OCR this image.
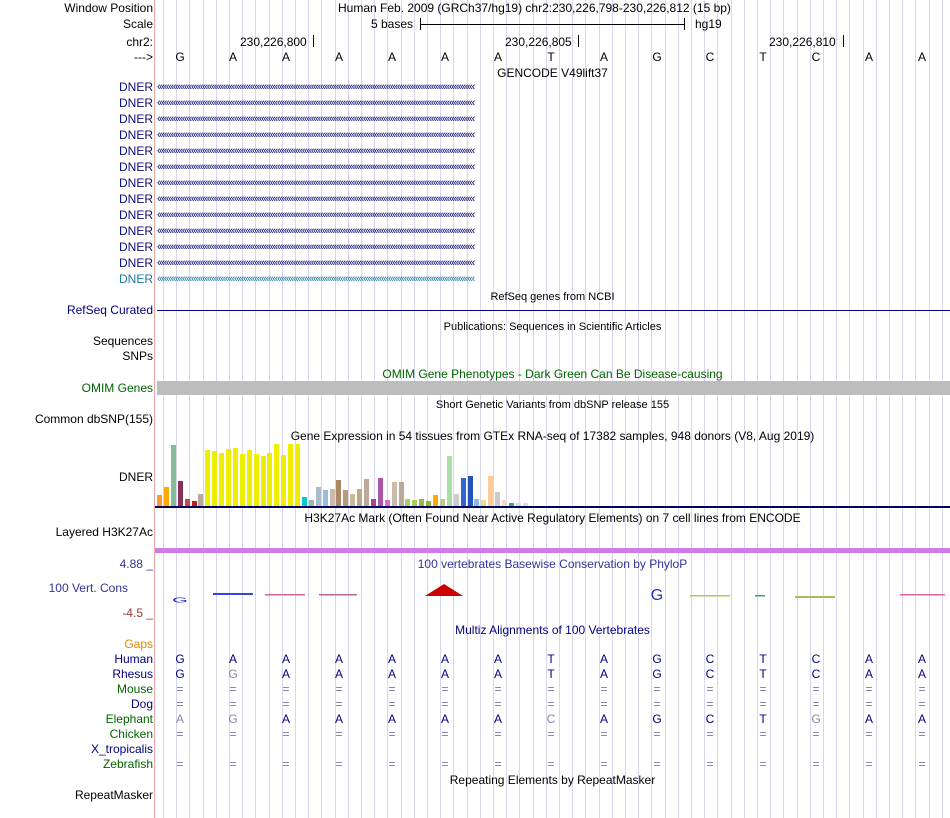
Window Position	Human Feb. 2009 (GRCh37/hg19) chr2:230,226,798-230,226,812 (15 bp)
Scale	5 bases	hg19
chr2:	230,226,800	230,226,805	230,226,810
--->	G	A	A	A	A	A	A	T	A	G	C	T	C	A	A
GENCODE V49lift37
DNER ‹‹‹‹‹‹‹‹‹‹‹‹‹‹‹‹‹‹‹‹‹‹‹‹‹‹‹‹‹‹‹‹‹‹‹‹‹‹‹‹‹‹‹‹‹‹‹‹‹‹‹‹‹‹‹‹‹‹‹‹‹‹‹‹‹‹‹‹‹‹‹‹‹‹‹‹‹‹‹‹‹‹‹‹‹‹‹‹‹‹‹‹‹‹‹‹‹‹‹‹‹‹‹‹‹‹‹‹‹‹‹‹‹‹‹‹‹‹‹‹‹‹‹‹‹‹‹‹‹‹‹‹‹‹‹‹‹‹‹‹
DNER ‹‹‹‹‹‹‹‹‹‹‹‹‹‹‹‹‹‹‹‹‹‹‹‹‹‹‹‹‹‹‹‹‹‹‹‹‹‹‹‹‹‹‹‹‹‹‹‹‹‹‹‹‹‹‹‹‹‹‹‹‹‹‹‹‹‹‹‹‹‹‹‹‹‹‹‹‹‹‹‹‹‹‹‹‹‹‹‹‹‹‹‹‹‹‹‹‹‹‹‹‹‹‹‹‹‹‹‹‹‹‹‹‹‹‹‹‹‹‹‹‹‹‹‹‹‹‹‹‹‹‹‹‹‹‹‹‹‹‹‹
DNER ‹‹‹‹‹‹‹‹‹‹‹‹‹‹‹‹‹‹‹‹‹‹‹‹‹‹‹‹‹‹‹‹‹‹‹‹‹‹‹‹‹‹‹‹‹‹‹‹‹‹‹‹‹‹‹‹‹‹‹‹‹‹‹‹‹‹‹‹‹‹‹‹‹‹‹‹‹‹‹‹‹‹‹‹‹‹‹‹‹‹‹‹‹‹‹‹‹‹‹‹‹‹‹‹‹‹‹‹‹‹‹‹‹‹‹‹‹‹‹‹‹‹‹‹‹‹‹‹‹‹‹‹‹‹‹‹‹‹‹‹
DNER ‹‹‹‹‹‹‹‹‹‹‹‹‹‹‹‹‹‹‹‹‹‹‹‹‹‹‹‹‹‹‹‹‹‹‹‹‹‹‹‹‹‹‹‹‹‹‹‹‹‹‹‹‹‹‹‹‹‹‹‹‹‹‹‹‹‹‹‹‹‹‹‹‹‹‹‹‹‹‹‹‹‹‹‹‹‹‹‹‹‹‹‹‹‹‹‹‹‹‹‹‹‹‹‹‹‹‹‹‹‹‹‹‹‹‹‹‹‹‹‹‹‹‹‹‹‹‹‹‹‹‹‹‹‹‹‹‹‹‹‹
DNER ‹‹‹‹‹‹‹‹‹‹‹‹‹‹‹‹‹‹‹‹‹‹‹‹‹‹‹‹‹‹‹‹‹‹‹‹‹‹‹‹‹‹‹‹‹‹‹‹‹‹‹‹‹‹‹‹‹‹‹‹‹‹‹‹‹‹‹‹‹‹‹‹‹‹‹‹‹‹‹‹‹‹‹‹‹‹‹‹‹‹‹‹‹‹‹‹‹‹‹‹‹‹‹‹‹‹‹‹‹‹‹‹‹‹‹‹‹‹‹‹‹‹‹‹‹‹‹‹‹‹‹‹‹‹‹‹‹‹‹‹
DNER ‹‹‹‹‹‹‹‹‹‹‹‹‹‹‹‹‹‹‹‹‹‹‹‹‹‹‹‹‹‹‹‹‹‹‹‹‹‹‹‹‹‹‹‹‹‹‹‹‹‹‹‹‹‹‹‹‹‹‹‹‹‹‹‹‹‹‹‹‹‹‹‹‹‹‹‹‹‹‹‹‹‹‹‹‹‹‹‹‹‹‹‹‹‹‹‹‹‹‹‹‹‹‹‹‹‹‹‹‹‹‹‹‹‹‹‹‹‹‹‹‹‹‹‹‹‹‹‹‹‹‹‹‹‹‹‹‹‹‹‹
DNER ‹‹‹‹‹‹‹‹‹‹‹‹‹‹‹‹‹‹‹‹‹‹‹‹‹‹‹‹‹‹‹‹‹‹‹‹‹‹‹‹‹‹‹‹‹‹‹‹‹‹‹‹‹‹‹‹‹‹‹‹‹‹‹‹‹‹‹‹‹‹‹‹‹‹‹‹‹‹‹‹‹‹‹‹‹‹‹‹‹‹‹‹‹‹‹‹‹‹‹‹‹‹‹‹‹‹‹‹‹‹‹‹‹‹‹‹‹‹‹‹‹‹‹‹‹‹‹‹‹‹‹‹‹‹‹‹‹‹‹‹
DNER ‹‹‹‹‹‹‹‹‹‹‹‹‹‹‹‹‹‹‹‹‹‹‹‹‹‹‹‹‹‹‹‹‹‹‹‹‹‹‹‹‹‹‹‹‹‹‹‹‹‹‹‹‹‹‹‹‹‹‹‹‹‹‹‹‹‹‹‹‹‹‹‹‹‹‹‹‹‹‹‹‹‹‹‹‹‹‹‹‹‹‹‹‹‹‹‹‹‹‹‹‹‹‹‹‹‹‹‹‹‹‹‹‹‹‹‹‹‹‹‹‹‹‹‹‹‹‹‹‹‹‹‹‹‹‹‹‹‹‹‹
DNER ‹‹‹‹‹‹‹‹‹‹‹‹‹‹‹‹‹‹‹‹‹‹‹‹‹‹‹‹‹‹‹‹‹‹‹‹‹‹‹‹‹‹‹‹‹‹‹‹‹‹‹‹‹‹‹‹‹‹‹‹‹‹‹‹‹‹‹‹‹‹‹‹‹‹‹‹‹‹‹‹‹‹‹‹‹‹‹‹‹‹‹‹‹‹‹‹‹‹‹‹‹‹‹‹‹‹‹‹‹‹‹‹‹‹‹‹‹‹‹‹‹‹‹‹‹‹‹‹‹‹‹‹‹‹‹‹‹‹‹‹
DNER ‹‹‹‹‹‹‹‹‹‹‹‹‹‹‹‹‹‹‹‹‹‹‹‹‹‹‹‹‹‹‹‹‹‹‹‹‹‹‹‹‹‹‹‹‹‹‹‹‹‹‹‹‹‹‹‹‹‹‹‹‹‹‹‹‹‹‹‹‹‹‹‹‹‹‹‹‹‹‹‹‹‹‹‹‹‹‹‹‹‹‹‹‹‹‹‹‹‹‹‹‹‹‹‹‹‹‹‹‹‹‹‹‹‹‹‹‹‹‹‹‹‹‹‹‹‹‹‹‹‹‹‹‹‹‹‹‹‹‹‹
DNER ‹‹‹‹‹‹‹‹‹‹‹‹‹‹‹‹‹‹‹‹‹‹‹‹‹‹‹‹‹‹‹‹‹‹‹‹‹‹‹‹‹‹‹‹‹‹‹‹‹‹‹‹‹‹‹‹‹‹‹‹‹‹‹‹‹‹‹‹‹‹‹‹‹‹‹‹‹‹‹‹‹‹‹‹‹‹‹‹‹‹‹‹‹‹‹‹‹‹‹‹‹‹‹‹‹‹‹‹‹‹‹‹‹‹‹‹‹‹‹‹‹‹‹‹‹‹‹‹‹‹‹‹‹‹‹‹‹‹‹‹
DNER ‹‹‹‹‹‹‹‹‹‹‹‹‹‹‹‹‹‹‹‹‹‹‹‹‹‹‹‹‹‹‹‹‹‹‹‹‹‹‹‹‹‹‹‹‹‹‹‹‹‹‹‹‹‹‹‹‹‹‹‹‹‹‹‹‹‹‹‹‹‹‹‹‹‹‹‹‹‹‹‹‹‹‹‹‹‹‹‹‹‹‹‹‹‹‹‹‹‹‹‹‹‹‹‹‹‹‹‹‹‹‹‹‹‹‹‹‹‹‹‹‹‹‹‹‹‹‹‹‹‹‹‹‹‹‹‹‹‹‹‹
DNER ‹‹‹‹‹‹‹‹‹‹‹‹‹‹‹‹‹‹‹‹‹‹‹‹‹‹‹‹‹‹‹‹‹‹‹‹‹‹‹‹‹‹‹‹‹‹‹‹‹‹‹‹‹‹‹‹‹‹‹‹‹‹‹‹‹‹‹‹‹‹‹‹‹‹‹‹‹‹‹‹‹‹‹‹‹‹‹‹‹‹‹‹‹‹‹‹‹‹‹‹‹‹‹‹‹‹‹‹‹‹‹‹‹‹‹‹‹‹‹‹‹‹‹‹‹‹‹‹‹‹‹‹‹‹‹‹‹‹‹‹
RefSeq genes from NCBI
RefSeq Curated
Publications: Sequences in Scientific Articles
Sequences
SNPs
OMIM Gene Phenotypes - Dark Green Can Be Disease-causing
OMIM Genes
Short Genetic Variants from dbSNP release 155
Common dbSNP(155)
Gene Expression in 54 tissues from GTEx RNA-seq of 17382 samples, 948 donors (V8, Aug 2019)
DNER
H3K27Ac Mark (Often Found Near Active Regulatory Elements) on 7 cell lines from ENCODE
Layered H3K27Ac
100 vertebrates Basewise Conservation by PhyloP
4.88 _
100 Vert. Cons
-4.5 _
G	G
Multiz Alignments of 100 Vertebrates
Gaps
Human	G	A	A	A	A	A	A	T	A	G	C	T	C	A	A
Rhesus	G	G	A	A	A	A	A	T	A	G	C	T	C	A	A
Mouse	=	=	=	=	=	=	=	=	=	=	=	=	=	=	=
Dog	=	=	=	=	=	=	=	=	=	=	=	=	=	=	=
Elephant	A	G	A	A	A	A	A	C	A	G	C	T	G	A	A
Chicken	=	=	=	=	=	=	=	=	=	=	=	=	=	=	=
X_tropicalis
Zebrafish	=	=	=	=	=	=	=	=	=	=	=	=	=	=	=
Repeating Elements by RepeatMasker
RepeatMasker
